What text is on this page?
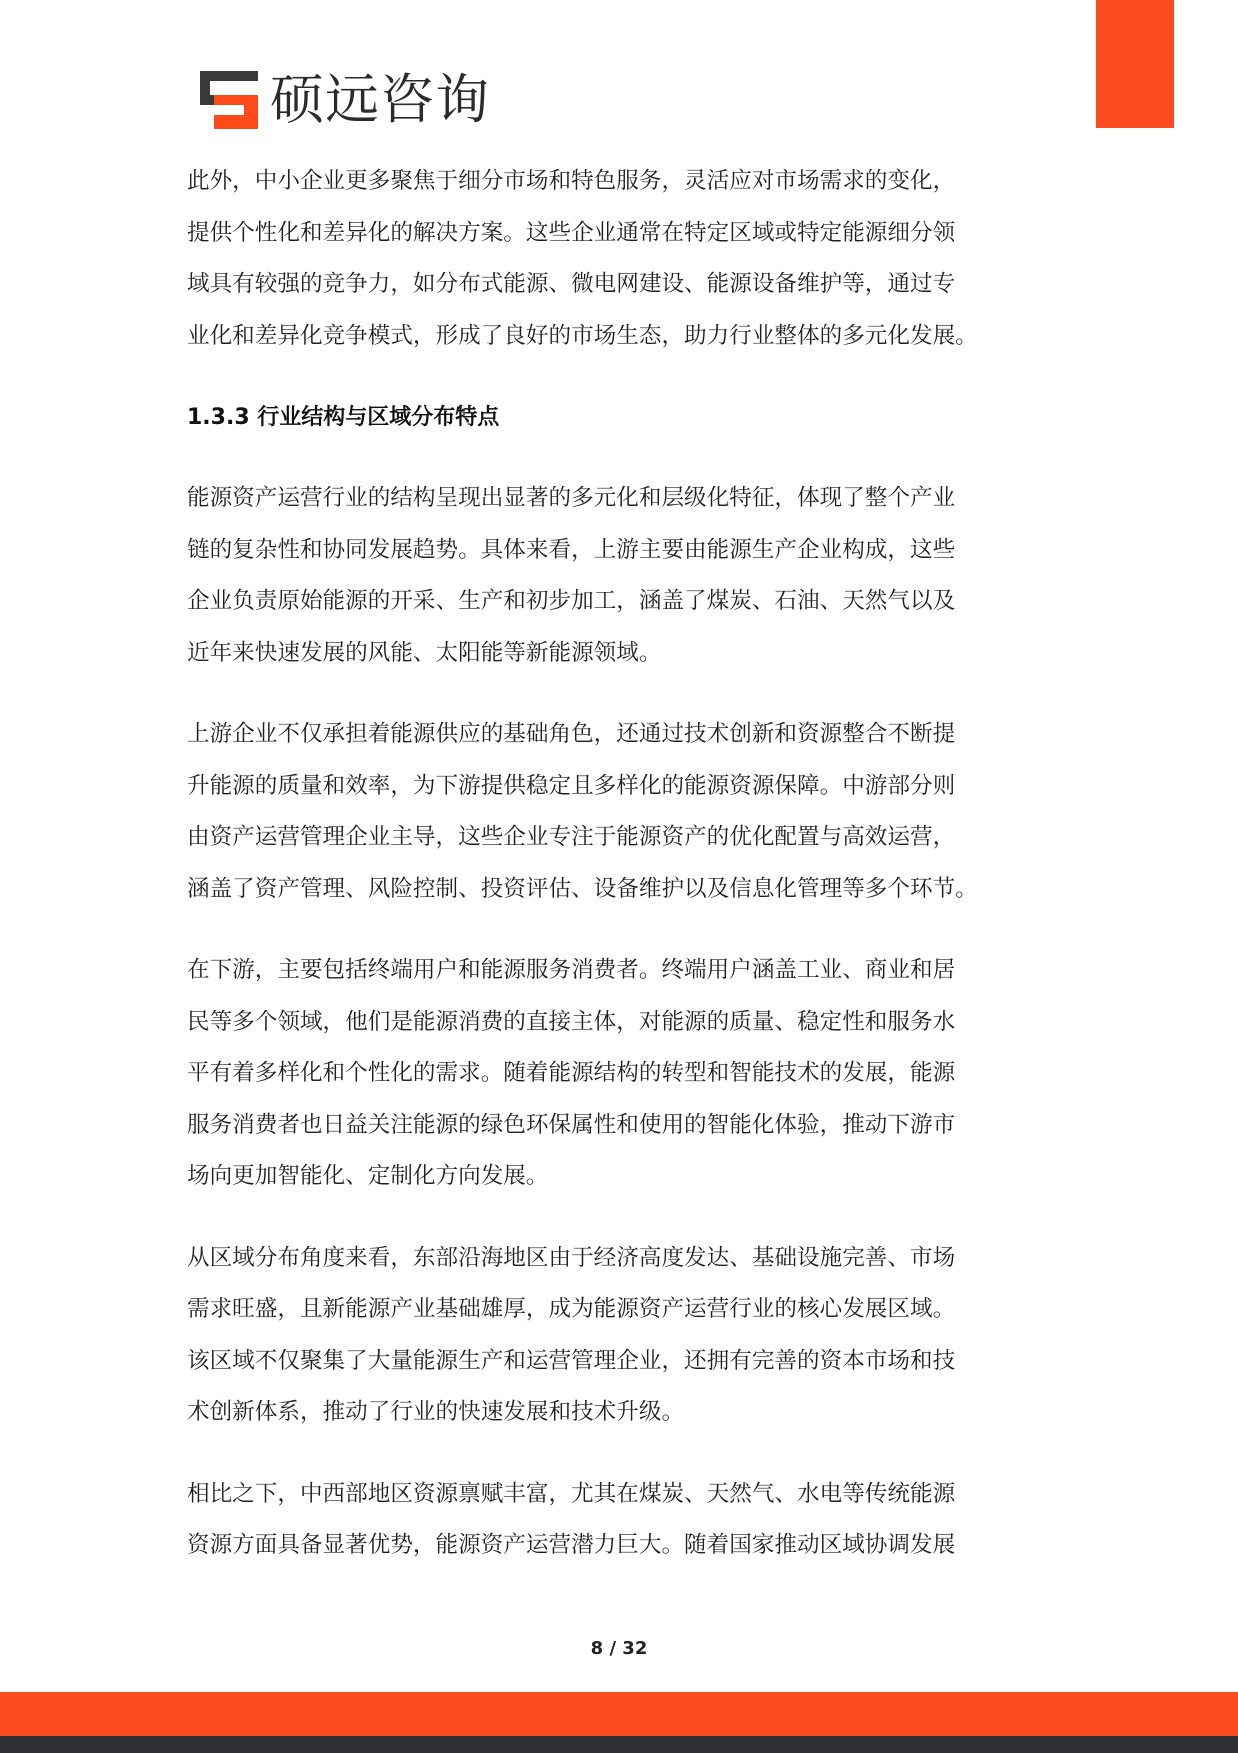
硕远咨询

此外，中小企业更多聚焦于细分市场和特色服务，灵活应对市场需求的变化，
提供个性化和差异化的解决方案。这些企业通常在特定区域或特定能源细分领
域具有较强的竞争力，如分布式能源、微电网建设、能源设备维护等，通过专
业化和差异化竞争模式，形成了良好的市场生态，助力行业整体的多元化发展。

1.3.3 行业结构与区域分布特点

能源资产运营行业的结构呈现出显著的多元化和层级化特征，体现了整个产业
链的复杂性和协同发展趋势。具体来看，上游主要由能源生产企业构成，这些
企业负责原始能源的开采、生产和初步加工，涵盖了煤炭、石油、天然气以及
近年来快速发展的风能、太阳能等新能源领域。

上游企业不仅承担着能源供应的基础角色，还通过技术创新和资源整合不断提
升能源的质量和效率，为下游提供稳定且多样化的能源资源保障。中游部分则
由资产运营管理企业主导，这些企业专注于能源资产的优化配置与高效运营，
涵盖了资产管理、风险控制、投资评估、设备维护以及信息化管理等多个环节。

在下游，主要包括终端用户和能源服务消费者。终端用户涵盖工业、商业和居
民等多个领域，他们是能源消费的直接主体，对能源的质量、稳定性和服务水
平有着多样化和个性化的需求。随着能源结构的转型和智能技术的发展，能源
服务消费者也日益关注能源的绿色环保属性和使用的智能化体验，推动下游市
场向更加智能化、定制化方向发展。

从区域分布角度来看，东部沿海地区由于经济高度发达、基础设施完善、市场
需求旺盛，且新能源产业基础雄厚，成为能源资产运营行业的核心发展区域。
该区域不仅聚集了大量能源生产和运营管理企业，还拥有完善的资本市场和技
术创新体系，推动了行业的快速发展和技术升级。

相比之下，中西部地区资源禀赋丰富，尤其在煤炭、天然气、水电等传统能源
资源方面具备显著优势，能源资产运营潜力巨大。随着国家推动区域协调发展

8 / 32
